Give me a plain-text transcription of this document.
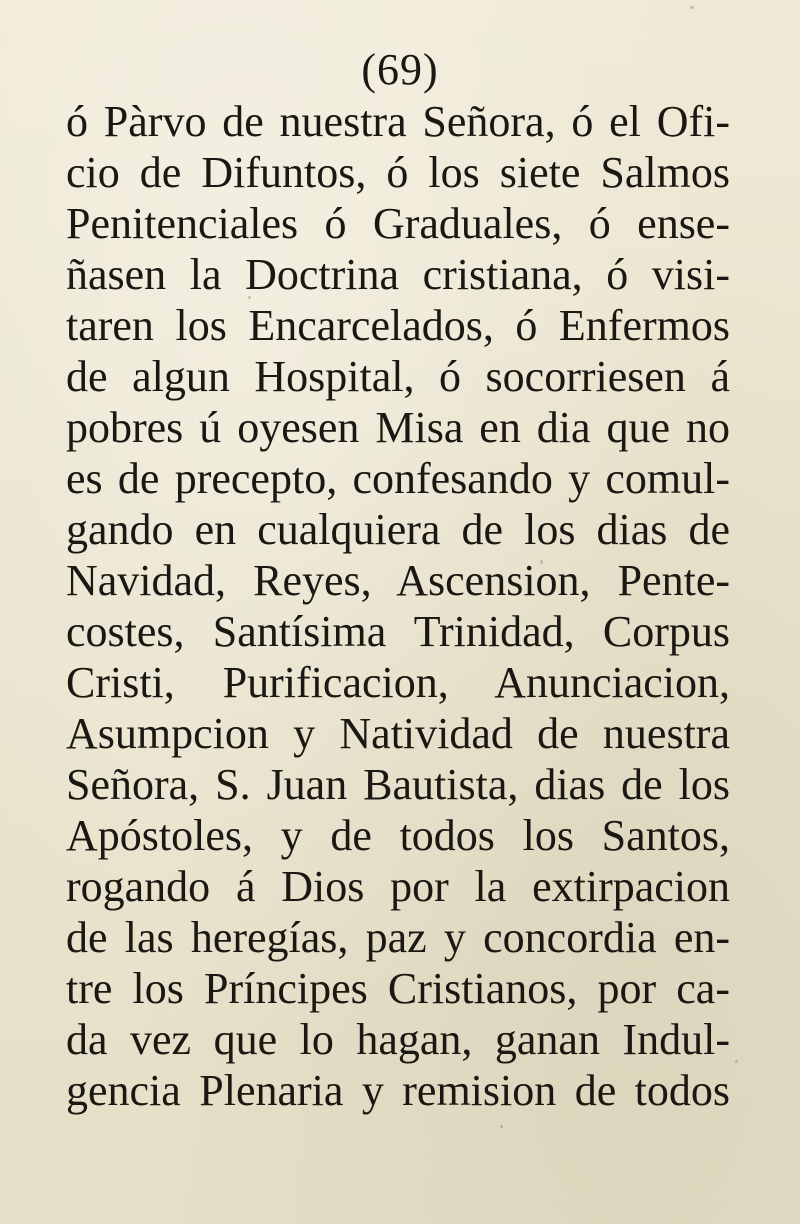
(69)
ó Pàrvo de nuestra Señora, ó el Ofi-
cio de Difuntos, ó los siete Salmos
Penitenciales ó Graduales, ó ense-
ñasen la Doctrina cristiana, ó visi-
taren los Encarcelados, ó Enfermos
de algun Hospital, ó socorriesen á
pobres ú oyesen Misa en dia que no
es de precepto, confesando y comul-
gando en cualquiera de los dias de
Navidad, Reyes, Ascension, Pente-
costes, Santísima Trinidad, Corpus
Cristi, Purificacion, Anunciacion,
Asumpcion y Natividad de nuestra
Señora, S. Juan Bautista, dias de los
Apóstoles, y de todos los Santos,
rogando á Dios por la extirpacion
de las heregías, paz y concordia en-
tre los Príncipes Cristianos, por ca-
da vez que lo hagan, ganan Indul-
gencia Plenaria y remision de todos
